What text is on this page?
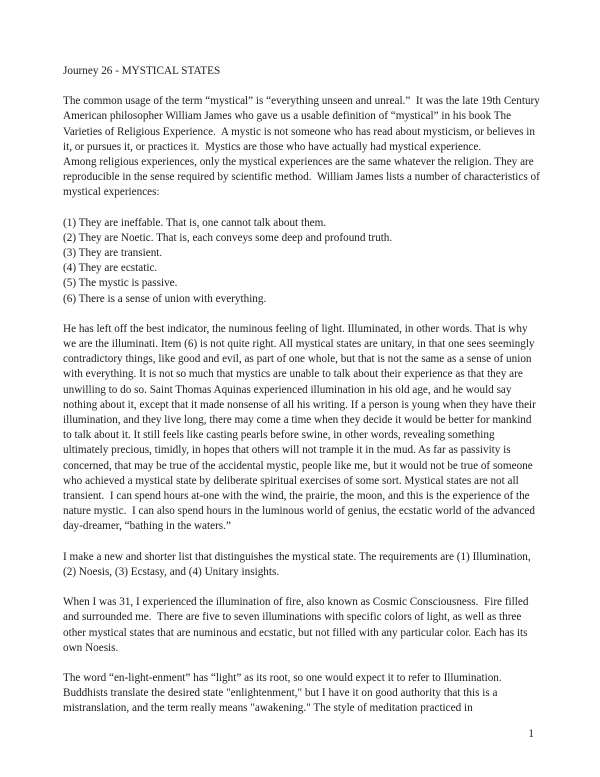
Journey 26 - MYSTICAL STATES

The common usage of the term “mystical” is “everything unseen and unreal.”  It was the late 19th Century American philosopher William James who gave us a usable definition of “mystical” in his book The Varieties of Religious Experience.  A mystic is not someone who has read about mysticism, or believes in it, or pursues it, or practices it.  Mystics are those who have actually had mystical experience.

Among religious experiences, only the mystical experiences are the same whatever the religion. They are reproducible in the sense required by scientific method.  William James lists a number of characteristics of mystical experiences:

(1) They are ineffable. That is, one cannot talk about them.

(2) They are Noetic. That is, each conveys some deep and profound truth.

(3) They are transient.

(4) They are ecstatic.

(5) The mystic is passive.

(6) There is a sense of union with everything.

He has left off the best indicator, the numinous feeling of light. Illuminated, in other words. That is why we are the illuminati. Item (6) is not quite right. All mystical states are unitary, in that one sees seemingly contradictory things, like good and evil, as part of one whole, but that is not the same as a sense of union with everything. It is not so much that mystics are unable to talk about their experience as that they are unwilling to do so. Saint Thomas Aquinas experienced illumination in his old age, and he would say nothing about it, except that it made nonsense of all his writing. If a person is young when they have their illumination, and they live long, there may come a time when they decide it would be better for mankind to talk about it. It still feels like casting pearls before swine, in other words, revealing something ultimately precious, timidly, in hopes that others will not trample it in the mud. As far as passivity is concerned, that may be true of the accidental mystic, people like me, but it would not be true of someone who achieved a mystical state by deliberate spiritual exercises of some sort. Mystical states are not all transient.  I can spend hours at-one with the wind, the prairie, the moon, and this is the experience of the nature mystic.  I can also spend hours in the luminous world of genius, the ecstatic world of the advanced day-dreamer, “bathing in the waters.”

I make a new and shorter list that distinguishes the mystical state. The requirements are (1) Illumination, (2) Noesis, (3) Ecstasy, and (4) Unitary insights.

When I was 31, I experienced the illumination of fire, also known as Cosmic Consciousness.  Fire filled and surrounded me.  There are five to seven illuminations with specific colors of light, as well as three other mystical states that are numinous and ecstatic, but not filled with any particular color. Each has its own Noesis.

The word “en-light-enment” has “light” as its root, so one would expect it to refer to Illumination. Buddhists translate the desired state "enlightenment," but I have it on good authority that this is a mistranslation, and the term really means "awakening." The style of meditation practiced in

1
